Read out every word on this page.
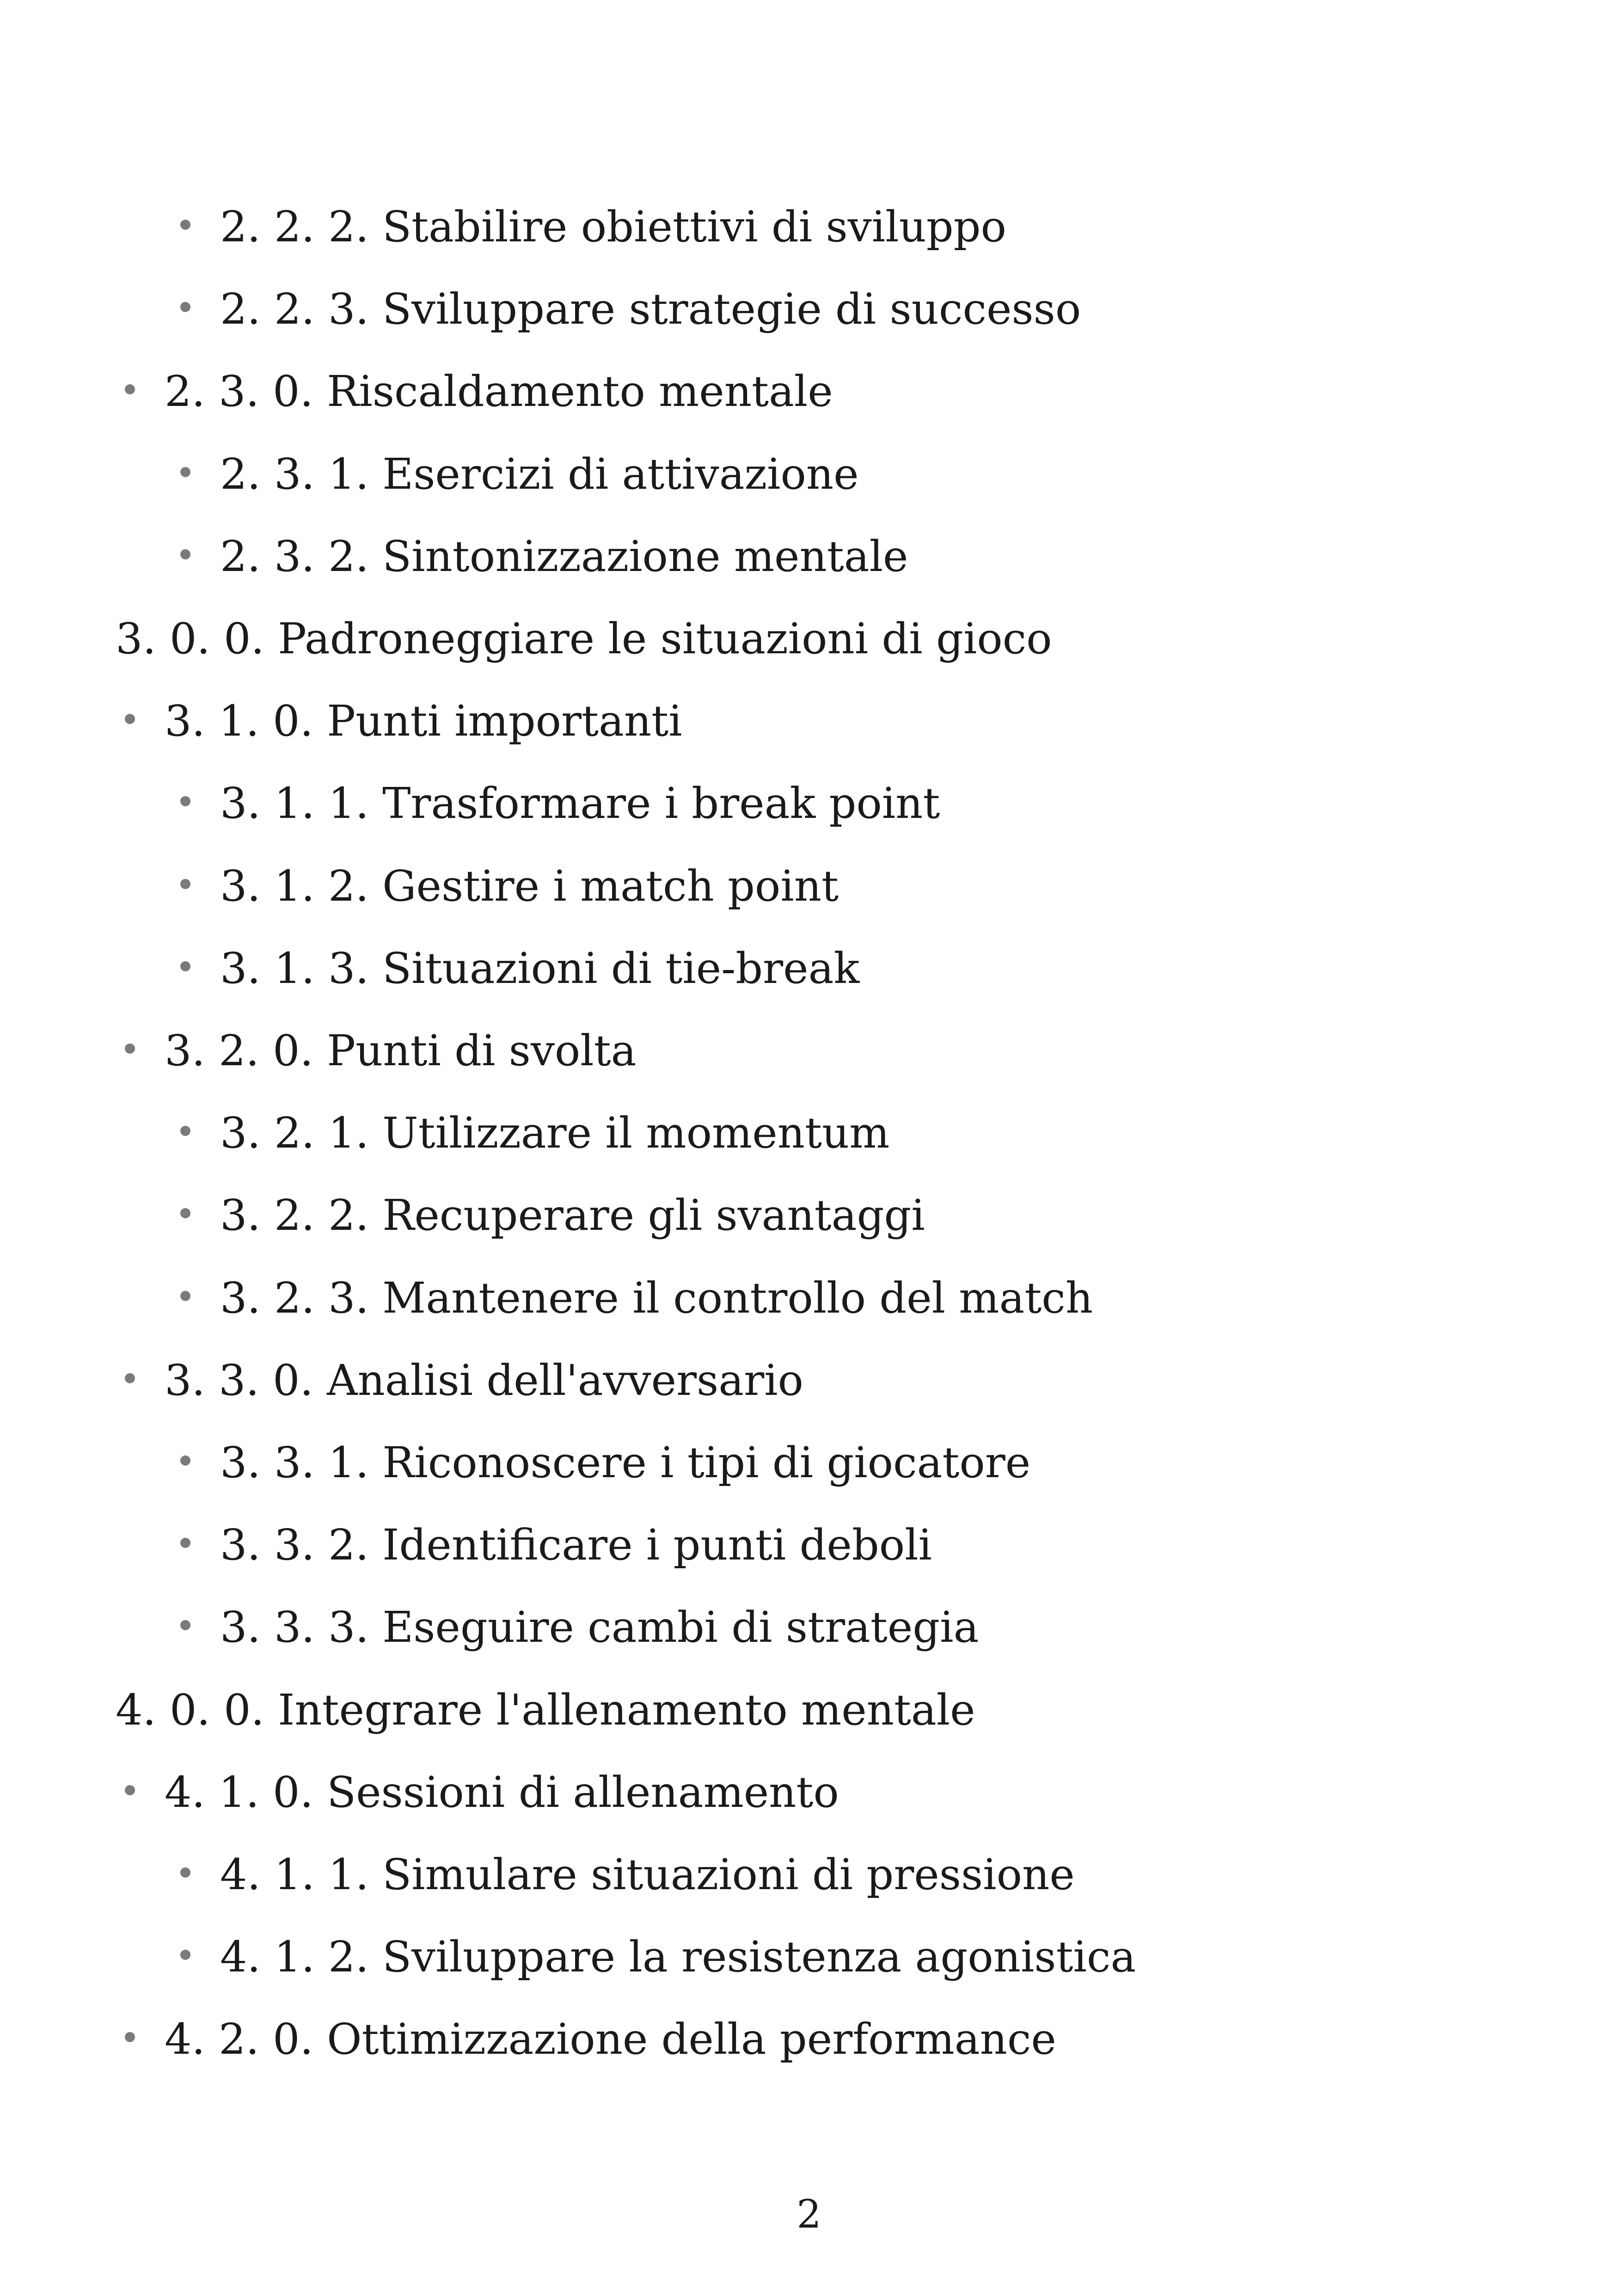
2. 2. 2. Stabilire obiettivi di sviluppo
2. 2. 3. Sviluppare strategie di successo
2. 3. 0. Riscaldamento mentale
2. 3. 1. Esercizi di attivazione
2. 3. 2. Sintonizzazione mentale
3. 0. 0. Padroneggiare le situazioni di gioco
3. 1. 0. Punti importanti
3. 1. 1. Trasformare i break point
3. 1. 2. Gestire i match point
3. 1. 3. Situazioni di tie-break
3. 2. 0. Punti di svolta
3. 2. 1. Utilizzare il momentum
3. 2. 2. Recuperare gli svantaggi
3. 2. 3. Mantenere il controllo del match
3. 3. 0. Analisi dell'avversario
3. 3. 1. Riconoscere i tipi di giocatore
3. 3. 2. Identificare i punti deboli
3. 3. 3. Eseguire cambi di strategia
4. 0. 0. Integrare l'allenamento mentale
4. 1. 0. Sessioni di allenamento
4. 1. 1. Simulare situazioni di pressione
4. 1. 2. Sviluppare la resistenza agonistica
4. 2. 0. Ottimizzazione della performance
2
